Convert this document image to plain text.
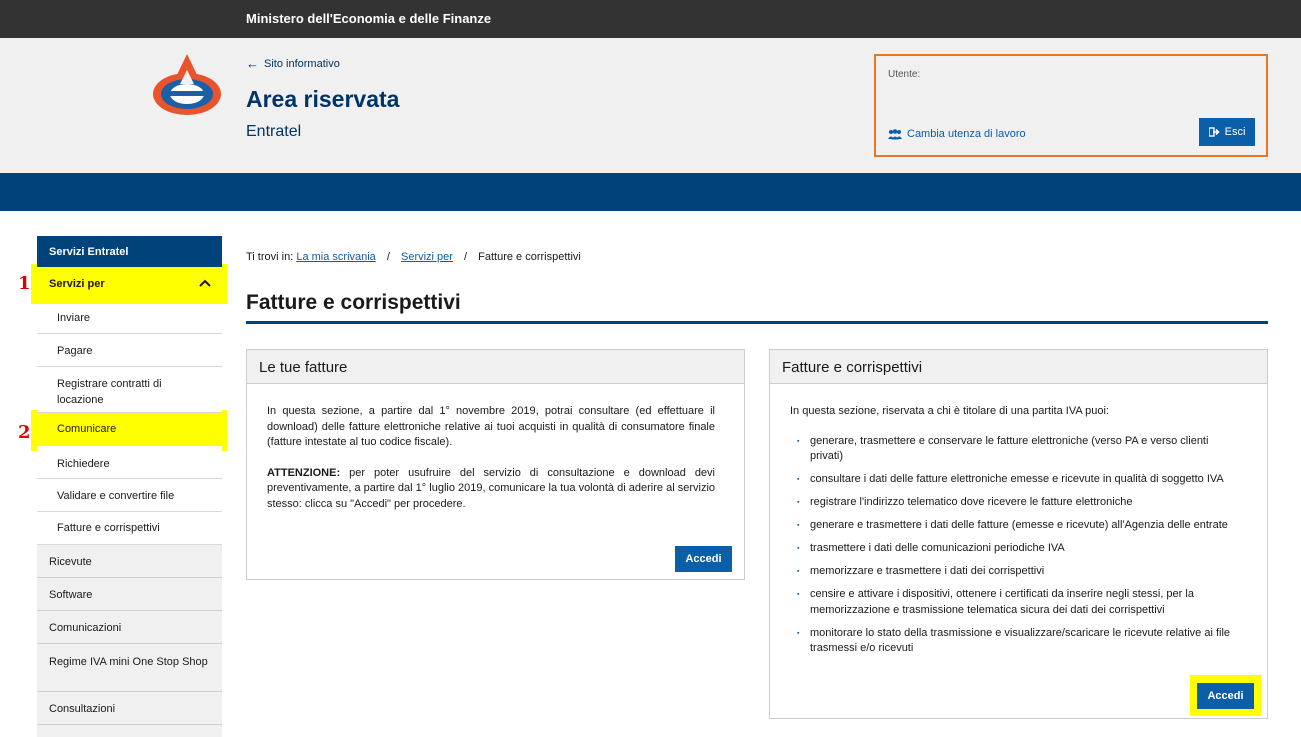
Ministero dell'Economia e delle Finanze
← Sito informativo
Area riservata
Entratel
Utente:
Cambia utenza di lavoro	Esci
Servizi Entratel
Servizi per
Inviare
Pagare
Registrare contratti di locazione
Comunicare
Richiedere
Validare e convertire file
Fatture e corrispettivi
Ricevute
Software
Comunicazioni
Regime IVA mini One Stop Shop
Consultazioni
1
2
Ti trovi in: La mia scrivania / Servizi per / Fatture e corrispettivi
Fatture e corrispettivi
Le tue fatture

In questa sezione, a partire dal 1° novembre 2019, potrai consultare (ed effettuare il download) delle fatture elettroniche relative ai tuoi acquisti in qualità di consumatore finale (fatture intestate al tuo codice fiscale).

ATTENZIONE: per poter usufruire del servizio di consultazione e download devi preventivamente, a partire dal 1° luglio 2019, comunicare la tua volontà di aderire al servizio stesso: clicca su "Accedi" per procedere.

Accedi
Fatture e corrispettivi

In questa sezione, riservata a chi è titolare di una partita IVA puoi:

▪ generare, trasmettere e conservare le fatture elettroniche (verso PA e verso clienti privati)
▪ consultare i dati delle fatture elettroniche emesse e ricevute in qualità di soggetto IVA
▪ registrare l'indirizzo telematico dove ricevere le fatture elettroniche
▪ generare e trasmettere i dati delle fatture (emesse e ricevute) all'Agenzia delle entrate
▪ trasmettere i dati delle comunicazioni periodiche IVA
▪ memorizzare e trasmettere i dati dei corrispettivi
▪ censire e attivare i dispositivi, ottenere i certificati da inserire negli stessi, per la memorizzazione e trasmissione telematica sicura dei dati dei corrispettivi
▪ monitorare lo stato della trasmissione e visualizzare/scaricare le ricevute relative ai file trasmessi e/o ricevuti
Accedi
